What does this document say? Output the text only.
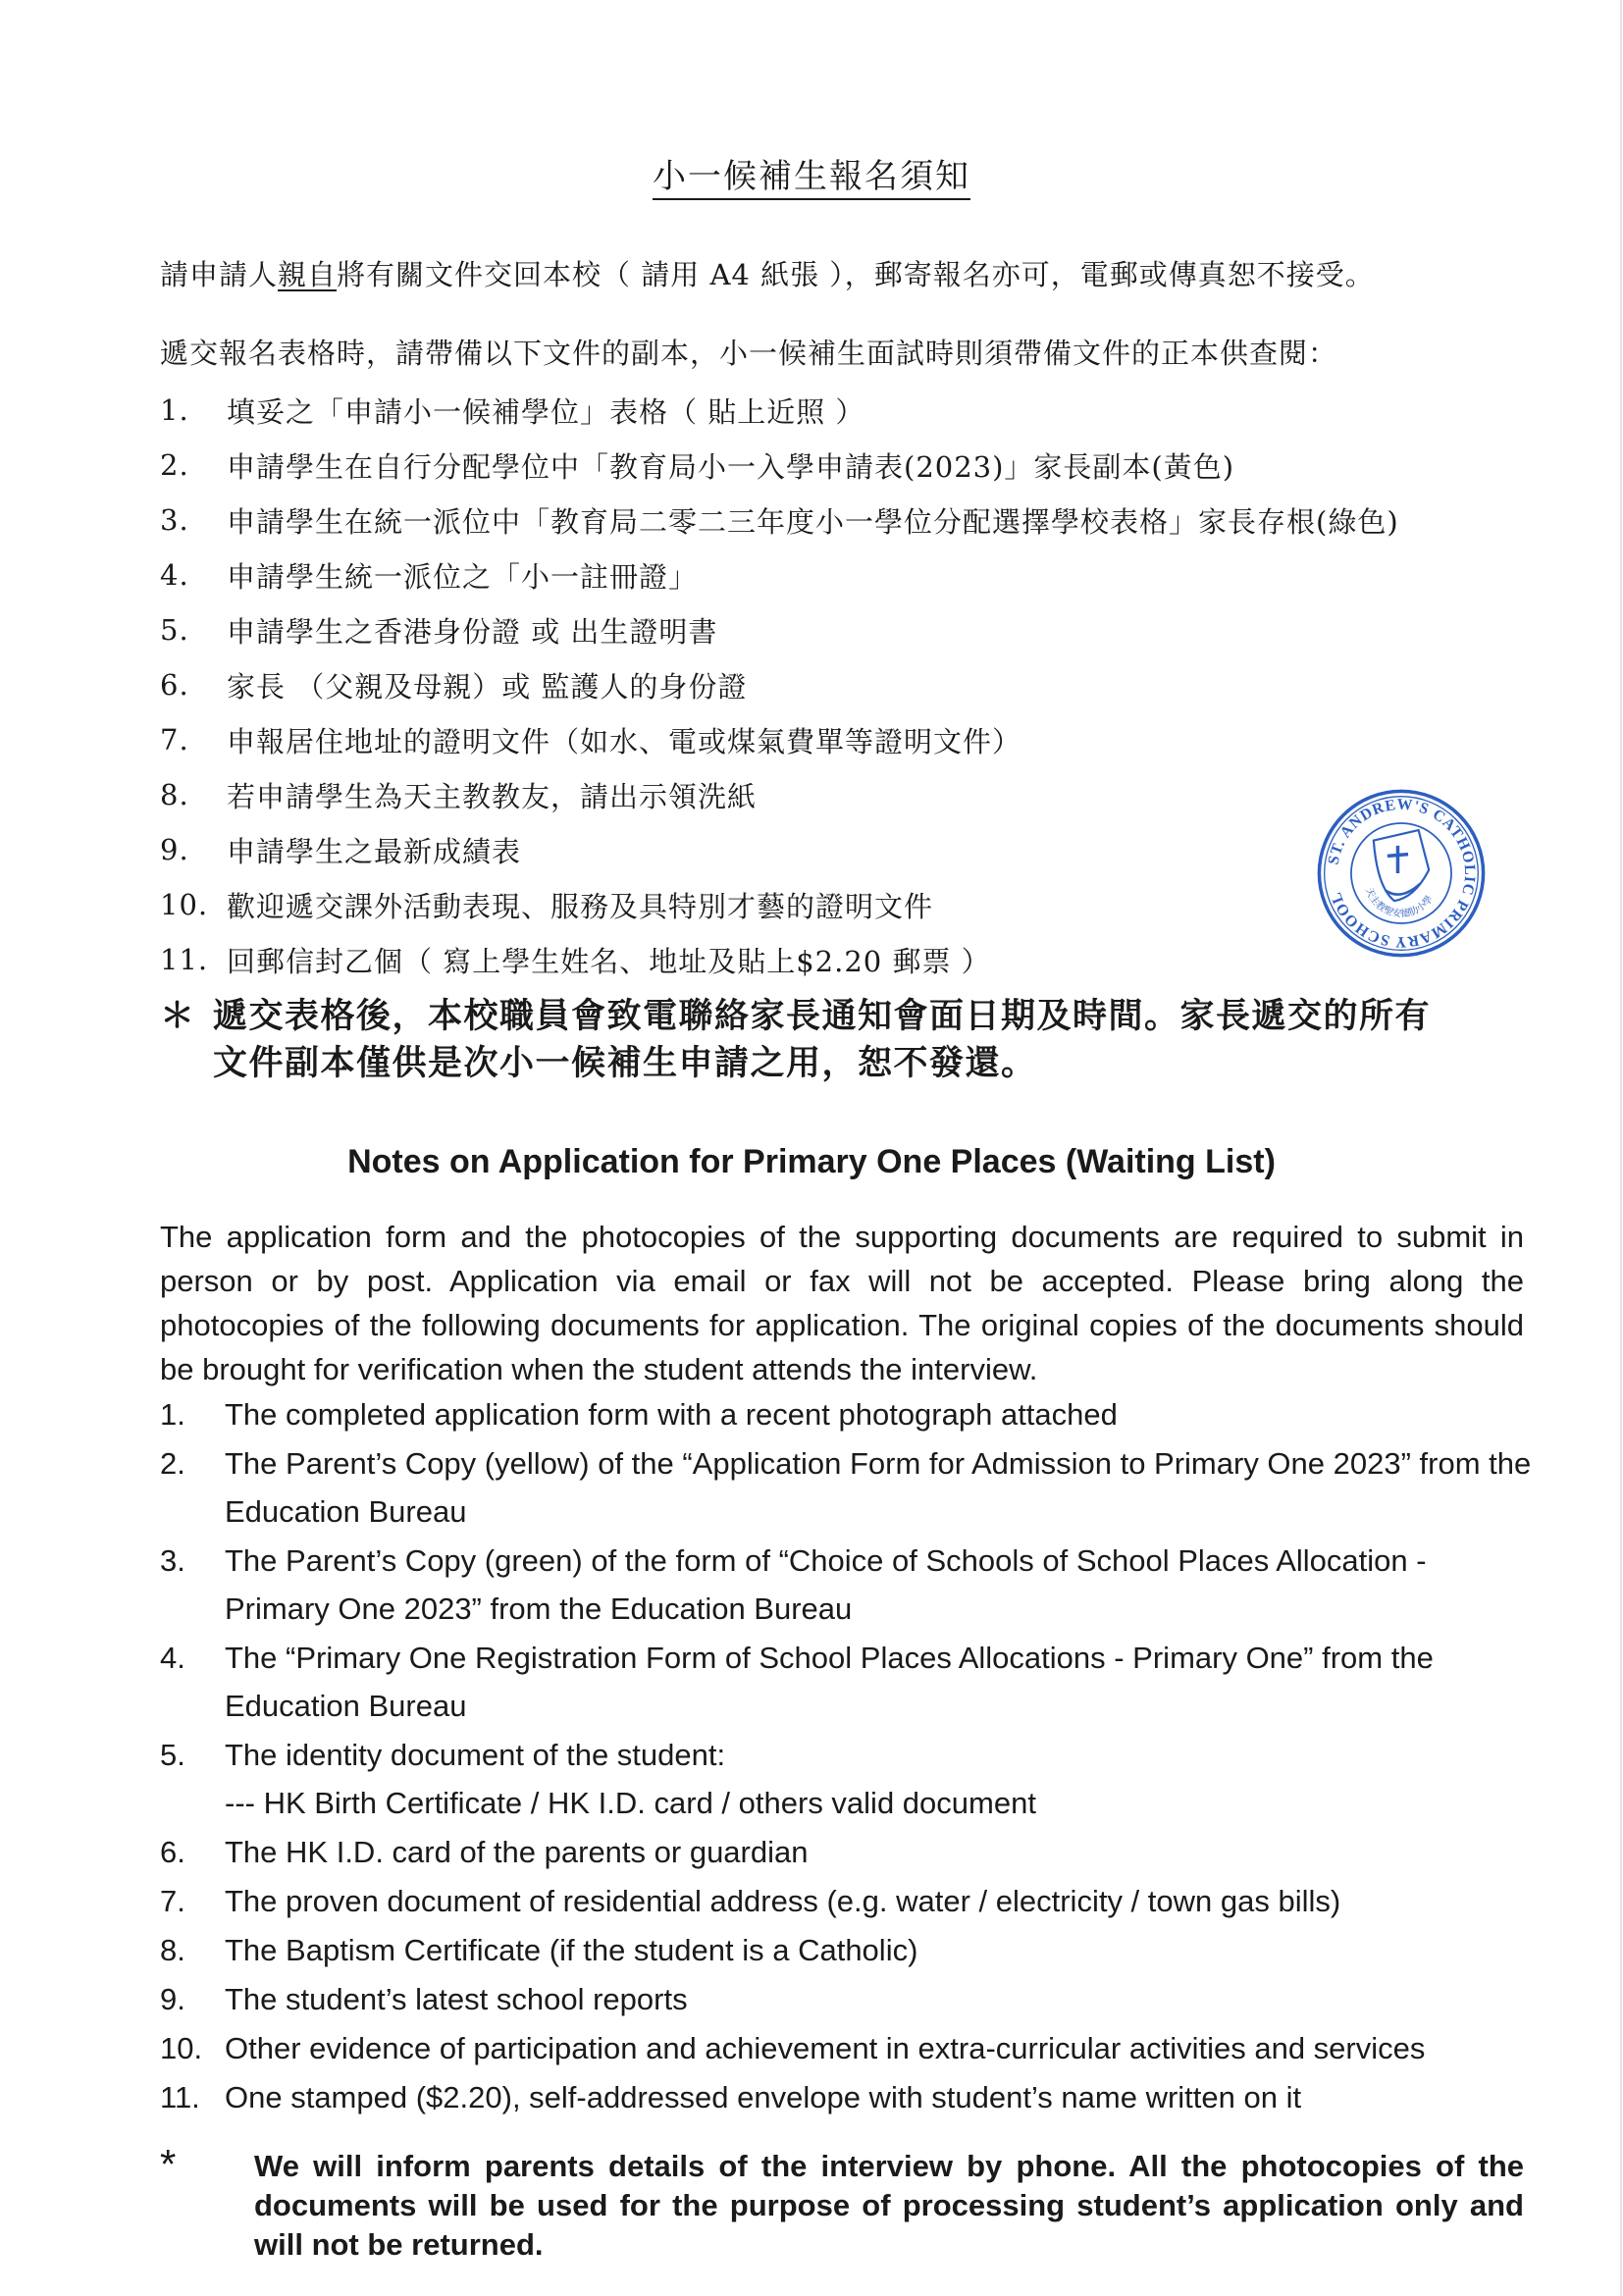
小一候補生報名須知
請申請人親自將有關文件交回本校（ 請用 A4 紙張 ），郵寄報名亦可，電郵或傳真恕不接受。
遞交報名表格時，請帶備以下文件的副本，小一候補生面試時則須帶備文件的正本供查閱：
1.	填妥之「申請小一候補學位」表格（ 貼上近照 ）
2.	申請學生在自行分配學位中「教育局小一入學申請表(2023)」家長副本(黃色)
3.	申請學生在統一派位中「教育局二零二三年度小一學位分配選擇學校表格」家長存根(綠色)
4.	申請學生統一派位之「小一註冊證」
5.	申請學生之香港身份證 或 出生證明書
6.	家長 （父親及母親）或 監護人的身份證
7.	申報居住地址的證明文件（如水、電或煤氣費單等證明文件）
8.	若申請學生為天主教教友，請出示領洗紙
9.	申請學生之最新成績表
10. 歡迎遞交課外活動表現、服務及具特別才藝的證明文件
11. 回郵信封乙個（ 寫上學生姓名、地址及貼上$2.20 郵票 ）
＊ 遞交表格後，本校職員會致電聯絡家長通知會面日期及時間。家長遞交的所有
文件副本僅供是次小一候補生申請之用，恕不發還。
ST. ANDREW'S CATHOLIC PRIMARY SCHOOL	天主教聖安德肋小學
Notes on Application for Primary One Places (Waiting List)
The application form and the photocopies of the supporting documents are required to submit in person or by post. Application via email or fax will not be accepted. Please bring along the photocopies of the following documents for application. The original copies of the documents should be brought for verification when the student attends the interview.
1.	The completed application form with a recent photograph attached
2.	The Parent’s Copy (yellow) of the “Application Form for Admission to Primary One 2023” from the Education Bureau
3.	The Parent’s Copy (green) of the form of “Choice of Schools of School Places Allocation - Primary One 2023” from the Education Bureau
4.	The “Primary One Registration Form of School Places Allocations - Primary One” from the Education Bureau
5.	The identity document of the student:
--- HK Birth Certificate / HK I.D. card / others valid document
6.	The HK I.D. card of the parents or guardian
7.	The proven document of residential address (e.g. water / electricity / town gas bills)
8.	The Baptism Certificate (if the student is a Catholic)
9.	The student’s latest school reports
10. Other evidence of participation and achievement in extra-curricular activities and services
11. One stamped ($2.20), self-addressed envelope with student’s name written on it
*	We will inform parents details of the interview by phone. All the photocopies of the documents will be used for the purpose of processing student’s application only and will not be returned.
